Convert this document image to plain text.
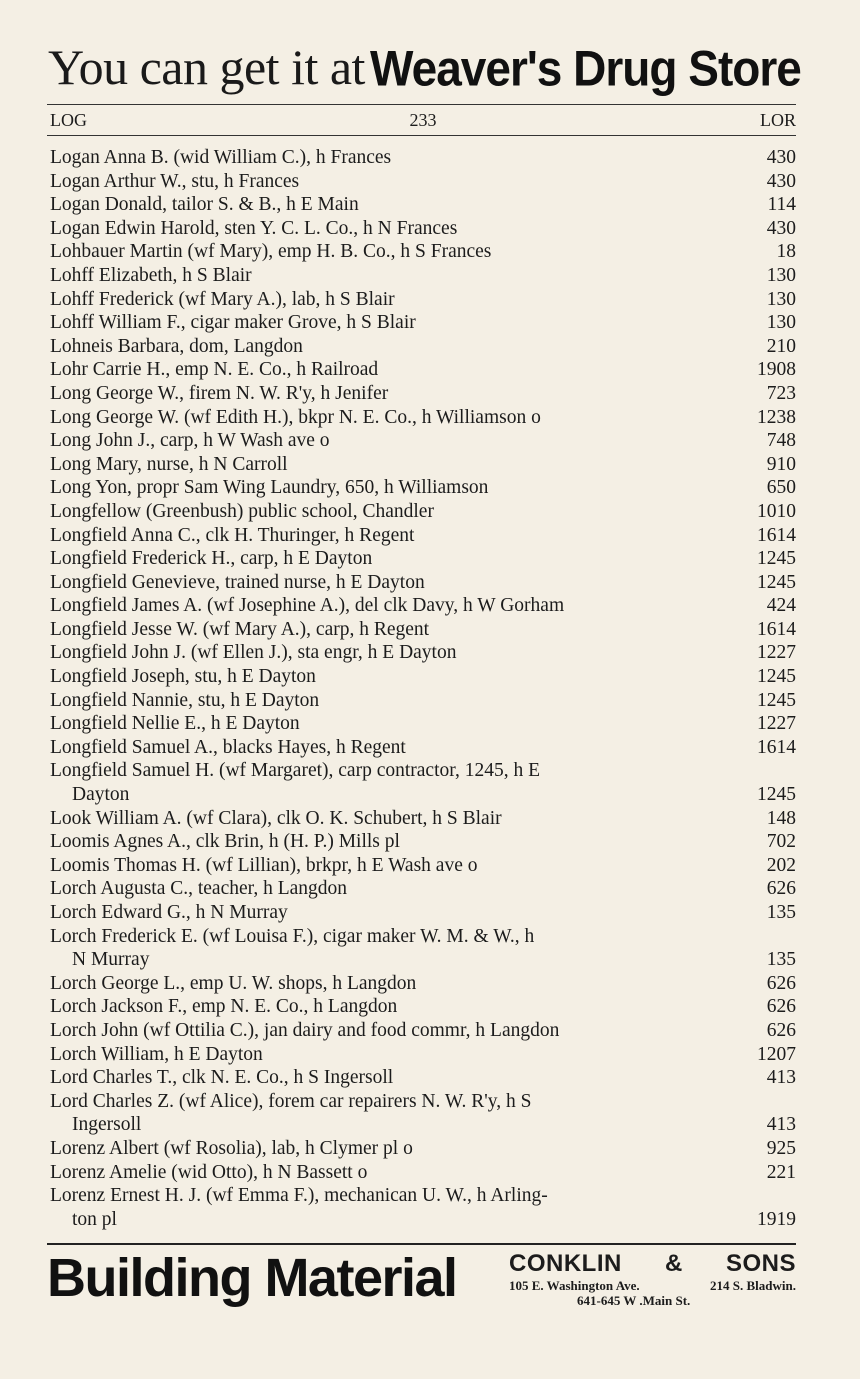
You can get it at Weaver's Drug Store
LOG	233	LOR
Logan Anna B. (wid William C.), h Frances	430
Logan Arthur W., stu, h Frances	430
Logan Donald, tailor S. & B., h E Main	114
Logan Edwin Harold, sten Y. C. L. Co., h N Frances	430
Lohbauer Martin (wf Mary), emp H. B. Co., h S Frances	18
Lohff Elizabeth, h S Blair	130
Lohff Frederick (wf Mary A.), lab, h S Blair	130
Lohff William F., cigar maker Grove, h S Blair	130
Lohneis Barbara, dom, Langdon	210
Lohr Carrie H., emp N. E. Co., h Railroad	1908
Long George W., firem N. W. R'y, h Jenifer	723
Long George W. (wf Edith H.), bkpr N. E. Co., h Williamson o	1238
Long John J., carp, h W Wash ave o	748
Long Mary, nurse, h N Carroll	910
Long Yon, propr Sam Wing Laundry, 650, h Williamson	650
Longfellow (Greenbush) public school, Chandler	1010
Longfield Anna C., clk H. Thuringer, h Regent	1614
Longfield Frederick H., carp, h E Dayton	1245
Longfield Genevieve, trained nurse, h E Dayton	1245
Longfield James A. (wf Josephine A.), del clk Davy, h W Gorham	424
Longfield Jesse W. (wf Mary A.), carp, h Regent	1614
Longfield John J. (wf Ellen J.), sta engr, h E Dayton	1227
Longfield Joseph, stu, h E Dayton	1245
Longfield Nannie, stu, h E Dayton	1245
Longfield Nellie E., h E Dayton	1227
Longfield Samuel A., blacks Hayes, h Regent	1614
Longfield Samuel H. (wf Margaret), carp contractor, 1245, h E
Dayton	1245
Look William A. (wf Clara), clk O. K. Schubert, h S Blair	148
Loomis Agnes A., clk Brin, h (H. P.) Mills pl	702
Loomis Thomas H. (wf Lillian), brkpr, h E Wash ave o	202
Lorch Augusta C., teacher, h Langdon	626
Lorch Edward G., h N Murray	135
Lorch Frederick E. (wf Louisa F.), cigar maker W. M. & W., h
N Murray	135
Lorch George L., emp U. W. shops, h Langdon	626
Lorch Jackson F., emp N. E. Co., h Langdon	626
Lorch John (wf Ottilia C.), jan dairy and food commr, h Langdon	626
Lorch William, h E Dayton	1207
Lord Charles T., clk N. E. Co., h S Ingersoll	413
Lord Charles Z. (wf Alice), forem car repairers N. W. R'y, h S
Ingersoll	413
Lorenz Albert (wf Rosolia), lab, h Clymer pl o	925
Lorenz Amelie (wid Otto), h N Bassett o	221
Lorenz Ernest H. J. (wf Emma F.), mechanican U. W., h Arling-
ton pl	1919
Building Material CONKLIN & SONS
105 E. Washington Ave.	214 S. Bladwin.
641-645 W .Main St.
